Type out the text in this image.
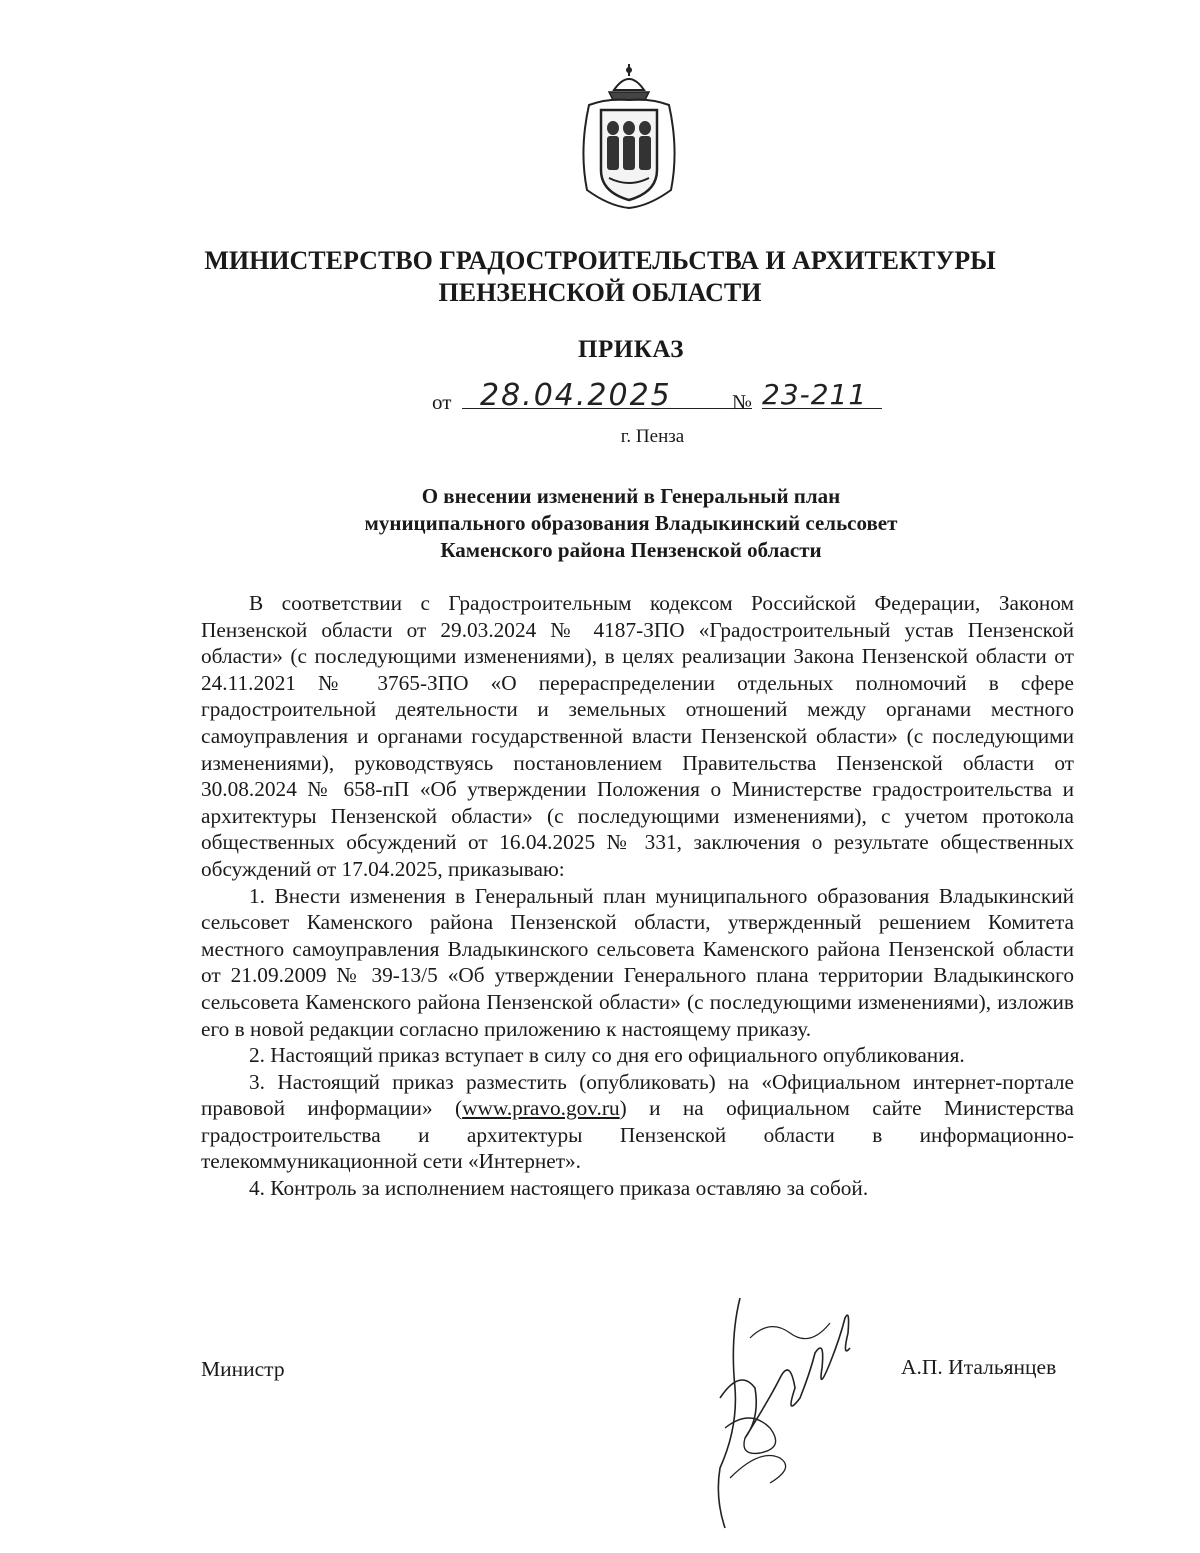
МИНИСТЕРСТВО ГРАДОСТРОИТЕЛЬСТВА И АРХИТЕКТУРЫ
ПЕНЗЕНСКОЙ ОБЛАСТИ
ПРИКАЗ
от 28.04.2025	№ 23-211
г. Пенза
О внесении изменений в Генеральный план
муниципального образования Владыкинский сельсовет
Каменского района Пензенской области

В соответствии с Градостроительным кодексом Российской Федерации, Законом Пензенской области от 29.03.2024 № 4187-ЗПО «Градостроительный устав Пензенской области» (с последующими изменениями), в целях реализации Закона Пензенской области от 24.11.2021 № 3765-ЗПО «О перераспределении отдельных полномочий в сфере градостроительной деятельности и земельных отношений между органами местного самоуправления и органами государственной власти Пензенской области» (с последующими изменениями), руководствуясь постановлением Правительства Пензенской области от 30.08.2024 № 658-пП «Об утверждении Положения о Министерстве градостроительства и архитектуры Пензенской области» (с последующими изменениями), с учетом протокола общественных обсуждений от 16.04.2025 № 331, заключения о результате общественных обсуждений от 17.04.2025, приказываю:

1. Внести изменения в Генеральный план муниципального образования Владыкинский сельсовет Каменского района Пензенской области, утвержденный решением Комитета местного самоуправления Владыкинского сельсовета Каменского района Пензенской области от 21.09.2009 № 39-13/5 «Об утверждении Генерального плана территории Владыкинского сельсовета Каменского района Пензенской области» (с последующими изменениями), изложив его в новой редакции согласно приложению к настоящему приказу.

2. Настоящий приказ вступает в силу со дня его официального опубликования.

3. Настоящий приказ разместить (опубликовать) на «Официальном интернет-портале правовой информации» (www.pravo.gov.ru) и на официальном сайте Министерства градостроительства и архитектуры Пензенской области в информационно-телекоммуникационной сети «Интернет».

4. Контроль за исполнением настоящего приказа оставляю за собой.

Министр	А.П. Итальянцев
